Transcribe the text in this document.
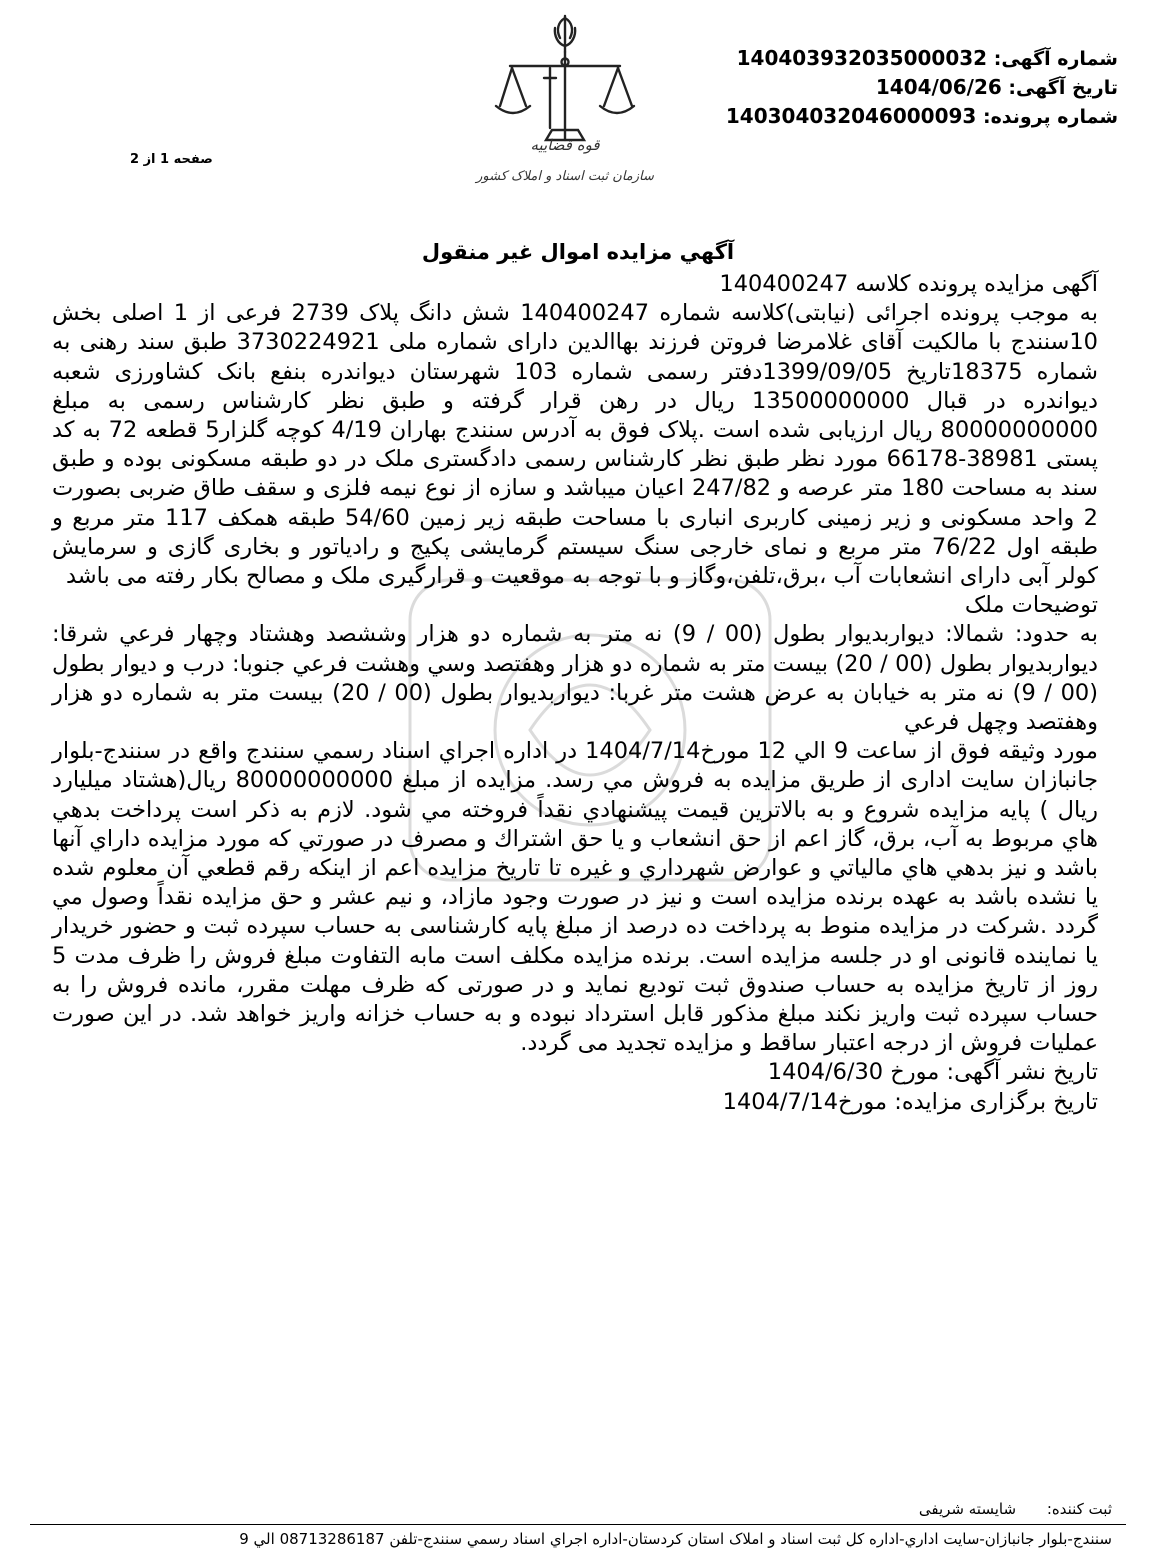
قوه قضاییه
سازمان ثبت اسناد و املاک کشور
شماره آگهی: 140403932035000032
تاریخ آگهی: 1404/06/26
شماره پرونده: 140304032046000093
صفحه 1 از 2
آگهي مزايده اموال غير منقول

آگهی مزایده پرونده کلاسه 140400247

به موجب پرونده اجرائی (نیابتی)کلاسه شماره 140400247 شش دانگ پلاک 2739 فرعی از 1 اصلی بخش 10سنندج با مالکیت آقای غلامرضا فروتن فرزند بهاالدین دارای شماره ملی 3730224921 طبق سند رهنی به شماره 18375تاریخ 1399/09/05دفتر رسمی شماره 103 شهرستان دیواندره بنفع بانک کشاورزی شعبه دیواندره در قبال 13500000000 ریال در رهن قرار گرفته و طبق نظر کارشناس رسمی به مبلغ 80000000000 ریال ارزیابی شده است .پلاک فوق به آدرس سنندج بهاران 4/19 کوچه گلزار5 قطعه 72 به کد پستی 38981-66178 مورد نظر طبق نظر کارشناس رسمی دادگستری ملک در دو طبقه مسکونی بوده و طبق سند به مساحت 180 متر عرصه و 247/82 اعیان میباشد و سازه از نوع نیمه فلزی و سقف طاق ضربی بصورت 2 واحد مسکونی و زیر زمینی کاربری انباری با مساحت طبقه زیر زمین 54/60 طبقه همکف 117 متر مربع و طبقه اول 76/22 متر مربع و نمای خارجی سنگ سیستم گرمایشی پکیج و رادیاتور و بخاری گازی و سرمایش کولر آبی دارای انشعابات آب ،برق،تلفن،وگاز و با توجه به موقعیت و قرارگیری ملک و مصالح بکار رفته می باشد

توضیحات ملک

به حدود: شمالا: ديواربديوار بطول (00 / 9) نه متر به شماره دو هزار وششصد وهشتاد وچهار فرعي شرقا: ديواربديوار بطول (00 / 20) بيست متر به شماره دو هزار وهفتصد وسي وهشت فرعي جنوبا: درب و ديوار بطول (00 / 9) نه متر به خيابان به عرض هشت متر غربا: ديواربديوار بطول (00 / 20) بيست متر به شماره دو هزار وهفتصد وچهل فرعي

مورد وثيقه فوق از ساعت 9 الي 12 مورخ1404/7/14 در اداره اجراي اسناد رسمي سنندج واقع در سنندج-بلوار جانبازان سایت اداری از طريق مزايده به فروش مي رسد. مزايده از مبلغ 80000000000 ریال(هشتاد میلیارد ریال ) پايه مزايده شروع و به بالاترين قيمت پيشنهادي نقداً فروخته مي شود. لازم به ذكر است پرداخت بدهي هاي مربوط به آب، برق، گاز اعم از حق انشعاب و يا حق اشتراك و مصرف در صورتي كه مورد مزايده داراي آنها باشد و نيز بدهي هاي مالياتي و عوارض شهرداري و غيره تا تاريخ مزايده اعم از اينكه رقم قطعي آن معلوم شده يا نشده باشد به عهده برنده مزايده است و نيز در صورت وجود مازاد، و نيم عشر و حق مزايده نقداً وصول مي گردد .شرکت در مزایده منوط به پرداخت ده درصد از مبلغ پایه کارشناسی به حساب سپرده ثبت و حضور خریدار یا نماینده قانونی او در جلسه مزایده است. برنده مزایده مکلف است مابه التفاوت مبلغ فروش را ظرف مدت 5 روز از تاریخ مزایده به حساب صندوق ثبت تودیع نماید و در صورتی که ظرف مهلت مقرر، مانده فروش را به حساب سپرده ثبت واریز نکند مبلغ مذکور قابل استرداد نبوده و به حساب خزانه واریز خواهد شد. در این صورت عملیات فروش از درجه اعتبار ساقط و مزایده تجدید می گردد.

تاریخ نشر آگهی: مورخ 1404/6/30

تاریخ برگزاری مزایده: مورخ1404/7/14

ثبت کننده: شایسته شریفی
سنندج-بلوار جانبازان-سايت اداري-اداره کل ثبت اسناد و املاک استان کردستان-اداره اجراي اسناد رسمي سنندج-تلفن 08713286187 الي 9
